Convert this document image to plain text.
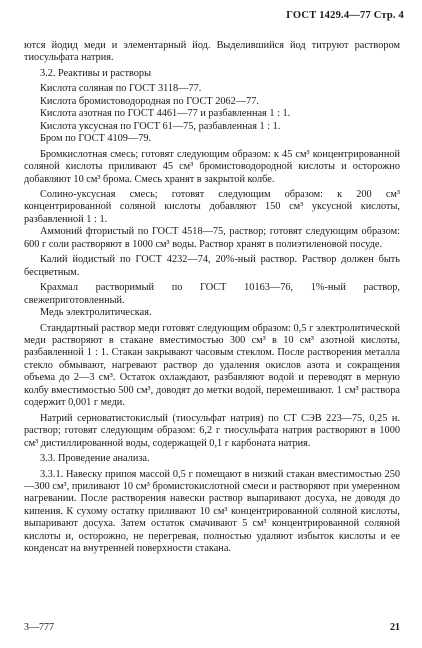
ГОСТ 1429.4—77 Стр. 4

ются йодид меди и элементарный йод. Выделившийся йод титруют раствором тиосульфата натрия.

3.2. Реактивы и растворы

Кислота соляная по ГОСТ 3118—77.

Кислота бромистоводородная по ГОСТ 2062—77.

Кислота азотная по ГОСТ 4461—77 и разбавленная 1 : 1.

Кислота уксусная по ГОСТ 61—75, разбавленная 1 : 1.

Бром по ГОСТ 4109—79.

Бромкислотная смесь; готовят следующим образом: к 45 см³ концентрированной соляной кислоты приливают 45 см³ бромистоводородной кислоты и осторожно добавляют 10 см³ брома. Смесь хранят в закрытой колбе.

Солино-уксусная смесь; готовят следующим образом: к 200 см³ концентрированной соляной кислоты добавляют 150 см³ уксусной кислоты, разбавленной 1 : 1.

Аммоний фтористый по ГОСТ 4518—75, раствор; готовят следующим образом: 600 г соли растворяют в 1000 см³ воды. Раствор хранят в полиэтиленовой посуде.

Калий йодистый по ГОСТ 4232—74, 20%-ный раствор. Раствор должен быть бесцветным.

Крахмал растворимый по ГОСТ 10163—76, 1%-ный раствор, свежеприготовленный.

Медь электролитическая.

Стандартный раствор меди готовят следующим образом: 0,5 г электролитической меди растворяют в стакане вместимостью 300 см³ в 10 см³ азотной кислоты, разбавленной 1 : 1. Стакан закрывают часовым стеклом. После растворения металла стекло обмывают, нагревают раствор до удаления окислов азота и сокращения объема до 2—3 см³. Остаток охлаждают, разбавляют водой и переводят в мерную колбу вместимостью 500 см³, доводят до метки водой, перемешивают. 1 см³ раствора содержит 0,001 г меди.

Натрий серноватистокислый (тиосульфат натрия) по СТ СЭВ 223—75, 0,25 н. раствор; готовят следующим образом: 6,2 г тиосульфата натрия растворяют в 1000 см³ дистиллированной воды, содержащей 0,1 г карбоната натрия.

3.3. Проведение анализа.

3.3.1. Навеску припоя массой 0,5 г помещают в низкий стакан вместимостью 250—300 см³, приливают 10 см³ бромистокислотной смеси и растворяют при умеренном нагревании. После растворения навески раствор выпаривают досуха, не доводя до кипения. К сухому остатку приливают 10 см³ концентрированной соляной кислоты, выпаривают досуха. Затем остаток смачивают 5 см³ концентрированной соляной кислоты и, осторожно, не перегревая, полностью удаляют избыток кислоты и ее конденсат на внутренней поверхности стакана.

3—777	21
